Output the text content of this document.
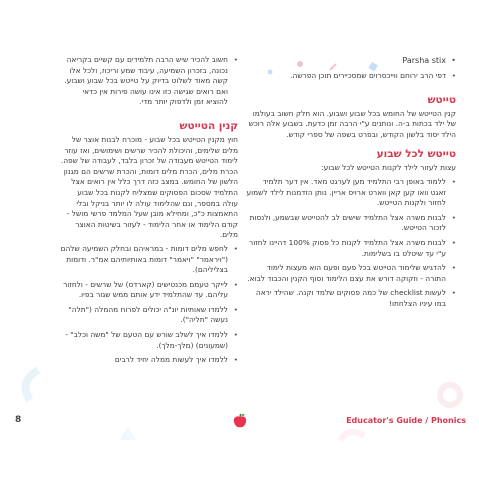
• Parsha stix
• דפי הרב ירוחם ווייכסרוים שמסכיירים תוכן הפרשה.
טייטש

קנין הטייטש של החומש בכל שבוע ושבוע. הוא חלק חשוב בעולמו של ילד בכתות ב-ה. ונותנים ע"י הרבה זמן כדעת. בשבוע אלה רוכש הילד יסוד בלשון הקודש, ובפרט בשפה של ספרי קודש.

טייטש לכל שבוע

עצות לעזור לילד לקנות הטייטש לכל שבוע:

• ללמוד באופן רבי התלמיד מען לערגט מאד. אין דער תלמיד זאגט וואו קען קאן ווארט ארויס אריין. נותן הזדמנות לילד לשמוע לחזור ולקנות הטייטש.
• לבנות משרה אצל התלמיד שישים לב להטייטש שבשמע, ולנסות לזכור הטייטש.
• לבנות משרה אצל התלמיד לקנות כל פסוק 100% דהיינו לחזור ע"י עד שיטלט בו בשלימות.
• להדגיש שלימוד הטייטש בכל פעם ופעם הוא מעצות לימוד התורה - וזקוקה דורש את עצם הלימוד וסוף הקנין והכבוד לבוא.
• לעשות checklist של כמה פסוקים שלמד וקנה. שהילד יראה במו עיניו הצלחתו!
• חשוב להכיר שיש הרבה תלמידים עם קשיים בקריאה נכונה, בזכרון השמיעה, עיבוד שמע וריכוז, ולכל אלו קשה מאוד לשלוט בדיוק על טייטש בכל שבוע ושבוע. ואם רואים שגישה כזו אינו עושה פירות אין כדאי להוציא זמן ולדפוק יותר מדי.
קנין הטייטש

חוץ מקנין הטייטש בכל שבוע - מוכרח לבנות אוצר של מלים שלימים, והיכולת להכיר שרשים ושימושים, ואז עוזר לימוד הטייטש מעבודה של זכרון בלבד, לעבודה של שפה. הכרת מלים, הכרת מלים דומות, והכרת שרשים הם מגנון הלשון של החומש. במצב כזה דרך כלל אין רואים אצל התלמיד שסכום הפסוקים שמצליח לקנות בכל שבוע עולה במספר, ונם שהלימוד עולה לו יותר בניקל ובלי התאמצות כ"כ, ומחילא מובן שעל המלמד פרשי מושל - קודם הלימוד או אחר הלימוד - לעזור בשיטות האוצר מלים.

• לחפש מלים דומות - במראיהם ובחלק השמיעה שלהם ("ויראמר" "ויאמר" דומות באותיותיהם אמ"ר. ודומות בצליליהם).
• לייקר טעמם מכנטישים (קארדס) של שרשים - ולחזור עליהם. עד שהתלמיד ידע אותם ממש שגור בפיו.
• ללמדו שאותיות יונ"ה יכולים לפרוח מהמלה ("תלה" נעשה "תליה").
• ללמדו איך לשלב שורש עם הטעם של "משה וכלב" - (שמעונים) (מלך-מלך).
• ללמדו איך לעשות ממלה יחיד לרבים
8	Educator's Guide / Phonics
